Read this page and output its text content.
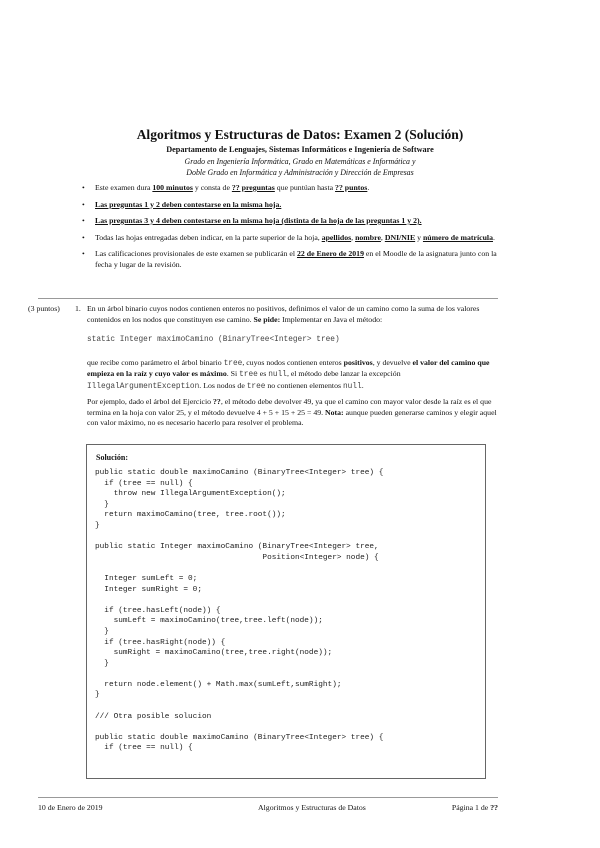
Algoritmos y Estructuras de Datos: Examen 2 (Solución)
Departamento de Lenguajes, Sistemas Informáticos e Ingeniería de Software
Grado en Ingeniería Informática, Grado en Matemáticas e Informática y
Doble Grado en Informática y Administración y Dirección de Empresas
• Este examen dura 100 minutos y consta de ?? preguntas que puntúan hasta ?? puntos.
• Las preguntas 1 y 2 deben contestarse en la misma hoja.
• Las preguntas 3 y 4 deben contestarse en la misma hoja (distinta de la hoja de las preguntas 1 y 2).
• Todas las hojas entregadas deben indicar, en la parte superior de la hoja, apellidos, nombre, DNI/NIE y número de matrícula.
• Las calificaciones provisionales de este examen se publicarán el 22 de Enero de 2019 en el Moodle de la asignatura junto con la fecha y lugar de la revisión.
(3 puntos) 1. En un árbol binario cuyos nodos contienen enteros no positivos, definimos el valor de un camino como la suma de los valores contenidos en los nodos que constituyen ese camino. Se pide: Implementar en Java el método:

static Integer maximoCamino (BinaryTree<Integer> tree)

que recibe como parámetro el árbol binario tree, cuyos nodos contienen enteros positivos, y devuelve el valor del camino que empieza en la raíz y cuyo valor es máximo. Si tree es null, el método debe lanzar la excepción IllegalArgumentException. Los nodos de tree no contienen elementos null.

Por ejemplo, dado el árbol del Ejercicio ??, el método debe devolver 49, ya que el camino con mayor valor desde la raíz es el que termina en la hoja con valor 25, y el método devuelve 4 + 5 + 15 + 25 = 49. Nota: aunque pueden generarse caminos y elegir aquel con valor máximo, no es necesario hacerlo para resolver el problema.

Solución:
public static double maximoCamino (BinaryTree<Integer> tree) {
if (tree == null) {
throw new IllegalArgumentException();
}
return maximoCamino(tree, tree.root());
}

public static Integer maximoCamino (BinaryTree<Integer> tree,
Position<Integer> node) {

Integer sumLeft = 0;
Integer sumRight = 0;

if (tree.hasLeft(node)) {
sumLeft = maximoCamino(tree,tree.left(node));
}
if (tree.hasRight(node)) {
sumRight = maximoCamino(tree,tree.right(node));
}

return node.element() + Math.max(sumLeft,sumRight);
}

/// Otra posible solucion

public static double maximoCamino (BinaryTree<Integer> tree) {
if (tree == null) {
10 de Enero de 2019	Algoritmos y Estructuras de Datos	Página 1 de ??
